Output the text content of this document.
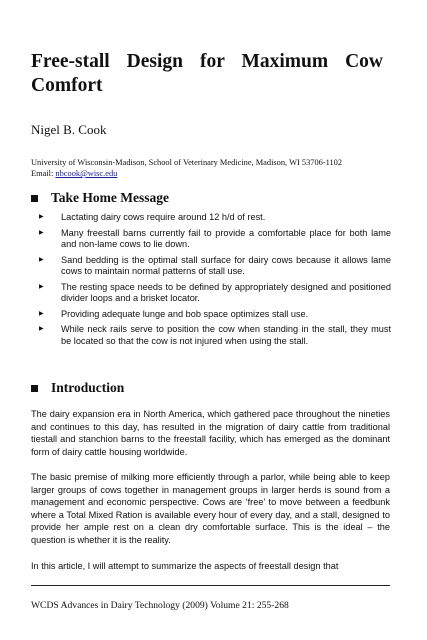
Free-stall Design for Maximum Cow Comfort
Nigel B. Cook
University of Wisconsin-Madison, School of Veterinary Medicine, Madison, WI 53706-1102
Email: nbcook@wisc.edu
Take Home Message
▶ Lactating dairy cows require around 12 h/d of rest.
▶ Many freestall barns currently fail to provide a comfortable place for both lame and non-lame cows to lie down.
▶ Sand bedding is the optimal stall surface for dairy cows because it allows lame cows to maintain normal patterns of stall use.
▶ The resting space needs to be defined by appropriately designed and positioned divider loops and a brisket locator.
▶ Providing adequate lunge and bob space optimizes stall use.
▶ While neck rails serve to position the cow when standing in the stall, they must be located so that the cow is not injured when using the stall.
Introduction

The dairy expansion era in North America, which gathered pace throughout the nineties and continues to this day, has resulted in the migration of dairy cattle from traditional tiestall and stanchion barns to the freestall facility, which has emerged as the dominant form of dairy cattle housing worldwide.

The basic premise of milking more efficiently through a parlor, while being able to keep larger groups of cows together in management groups in larger herds is sound from a management and economic perspective. Cows are ‘free’ to move between a feedbunk where a Total Mixed Ration is available every hour of every day, and a stall, designed to provide her ample rest on a clean dry comfortable surface. This is the ideal – the question is whether it is the reality.

In this article, I will attempt to summarize the aspects of freestall design that

WCDS Advances in Dairy Technology (2009) Volume 21: 255-268
